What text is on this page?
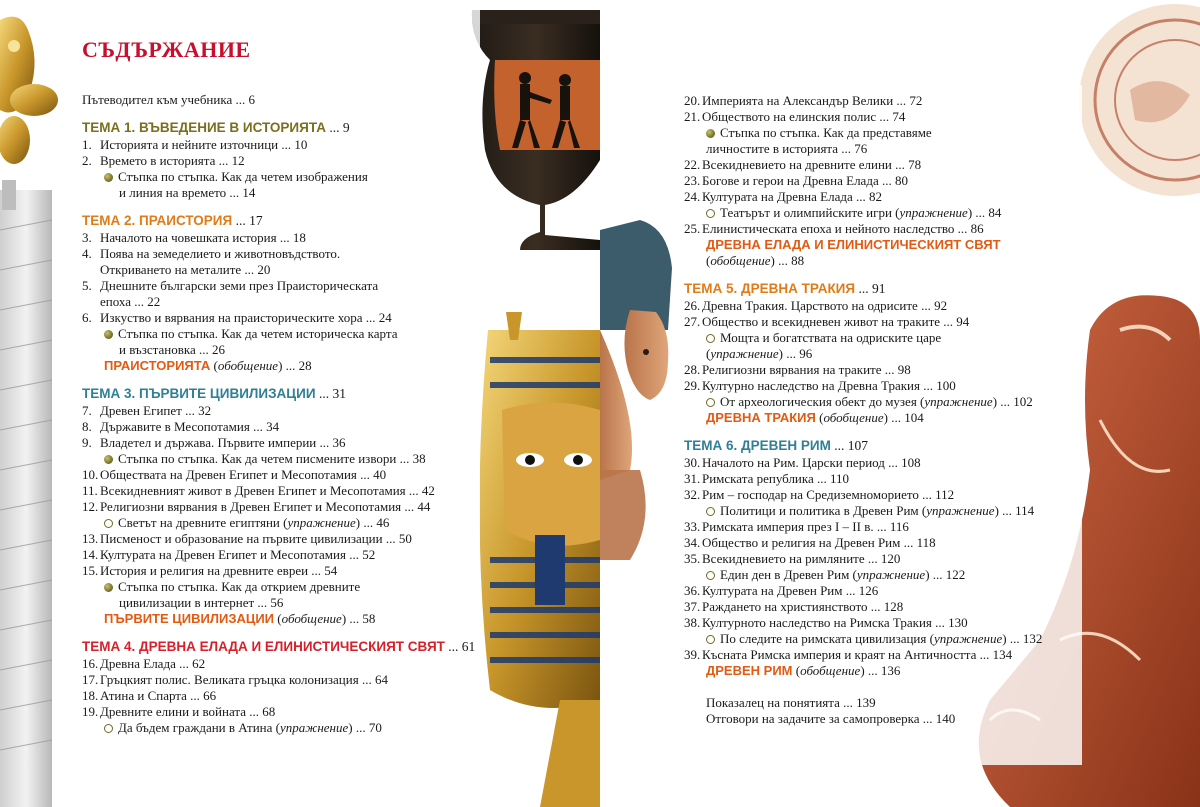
СЪДЪРЖАНИЕ
Пътеводител към учебника ... 6
ТЕМА 1. ВЪВЕДЕНИЕ В ИСТОРИЯТА ... 9
1. Историята и нейните източници ... 10
2. Времето в историята ... 12
Стъпка по стъпка. Как да четем изображения
и линия на времето ... 14
ТЕМА 2. ПРАИСТОРИЯ ... 17
3. Началото на човешката история ... 18
4. Поява на земеделието и животновъдството.
Откриването на металите ... 20
5. Днешните български земи през Праисторическата
епоха ... 22
6. Изкуство и вярвания на праисторическите хора ... 24
Стъпка по стъпка. Как да четем историческа карта
и възстановка ... 26
ПРАИСТОРИЯТА (обобщение) ... 28
ТЕМА 3. ПЪРВИТЕ ЦИВИЛИЗАЦИИ ... 31
7. Древен Египет ... 32
8. Държавите в Месопотамия ... 34
9. Владетел и държава. Първите империи ... 36
Стъпка по стъпка. Как да четем писмените извори ... 38
10. Обществата на Древен Египет и Месопотамия ... 40
11. Всекидневният живот в Древен Египет и Месопотамия ... 42
12. Религиозни вярвания в Древен Египет и Месопотамия ... 44
Светът на древните египтяни (упражнение) ... 46
13. Писменост и образование на първите цивилизации ... 50
14. Културата на Древен Египет и Месопотамия ... 52
15. История и религия на древните евреи ... 54
Стъпка по стъпка. Как да открием древните
цивилизации в интернет ... 56
ПЪРВИТЕ ЦИВИЛИЗАЦИИ (обобщение) ... 58
ТЕМА 4. ДРЕВНА ЕЛАДА И ЕЛИНИСТИЧЕСКИЯТ СВЯТ ... 61
16. Древна Елада ... 62
17. Гръцкият полис. Великата гръцка колонизация ... 64
18. Атина и Спарта ... 66
19. Древните елини и войната ... 68
Да бъдем граждани в Атина (упражнение) ... 70
20. Империята на Александър Велики ... 72
21. Обществото на елинския полис ... 74
Стъпка по стъпка. Как да представяме
личностите в историята ... 76
22. Всекидневието на древните елини ... 78
23. Богове и герои на Древна Елада ... 80
24. Културата на Древна Елада ... 82
Театърът и олимпийските игри (упражнение) ... 84
25. Елинистическата епоха и нейното наследство ... 86
ДРЕВНА ЕЛАДА И ЕЛИНИСТИЧЕСКИЯТ СВЯТ
(обобщение) ... 88
ТЕМА 5. ДРЕВНА ТРАКИЯ ... 91
26. Древна Тракия. Царството на одрисите ... 92
27. Общество и всекидневен живот на траките ... 94
Мощта и богатствата на одриските царе
(упражнение) ... 96
28. Религиозни вярвания на траките ... 98
29. Културно наследство на Древна Тракия ... 100
От археологическия обект до музея (упражнение) ... 102
ДРЕВНА ТРАКИЯ (обобщение) ... 104
ТЕМА 6. ДРЕВЕН РИМ ... 107
30. Началото на Рим. Царски период ... 108
31. Римската република ... 110
32. Рим – господар на Средиземноморието ... 112
Политици и политика в Древен Рим (упражнение) ... 114
33. Римската империя през I – II в. ... 116
34. Общество и религия на Древен Рим ... 118
35. Всекидневието на римляните ... 120
Един ден в Древен Рим (упражнение) ... 122
36. Културата на Древен Рим ... 126
37. Раждането на християнството ... 128
38. Културното наследство на Римска Тракия ... 130
По следите на римската цивилизация (упражнение) ... 132
39. Късната Римска империя и краят на Античността ... 134
ДРЕВЕН РИМ (обобщение) ... 136
Показалец на понятията ... 139
Отговори на задачите за самопроверка ... 140
